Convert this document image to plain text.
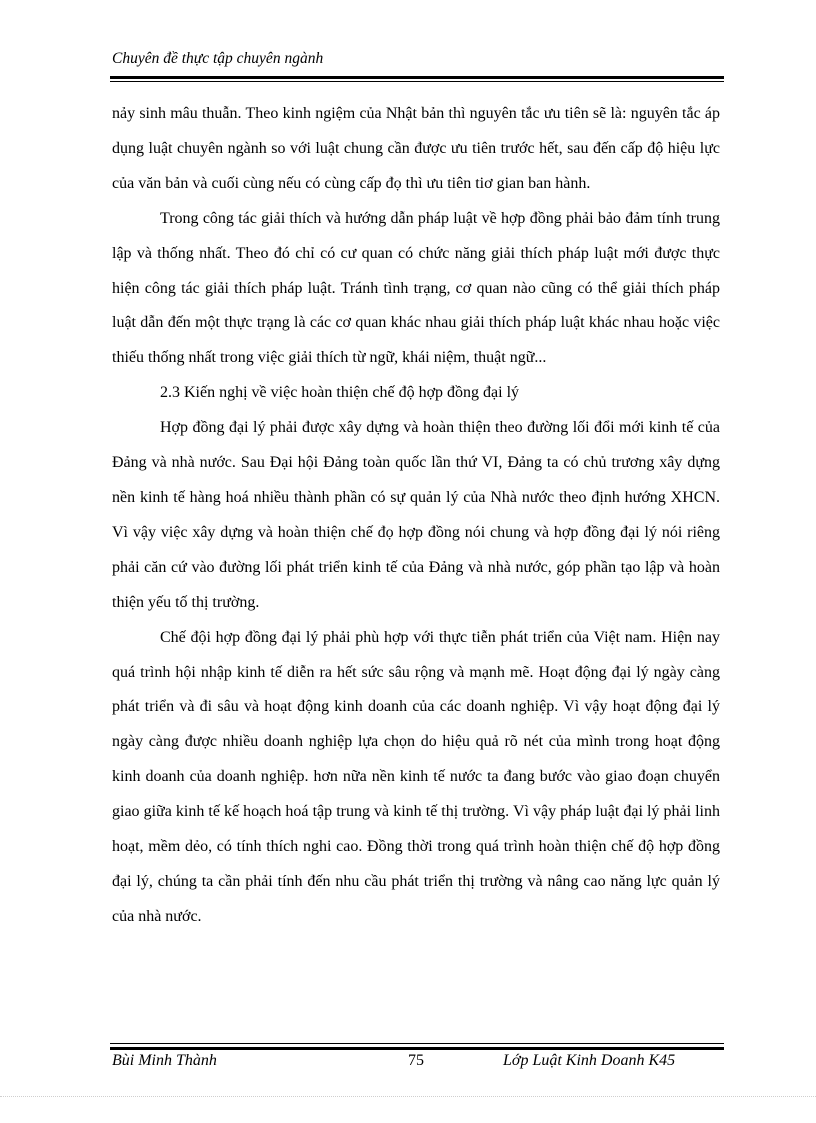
Chuyên đề thực tập chuyên ngành

nảy sinh mâu thuẫn. Theo kinh ngiệm của Nhật bản thì nguyên tắc ưu tiên sẽ là: nguyên tắc áp dụng luật chuyên ngành so với luật chung cần được ưu tiên trước hết, sau đến cấp độ hiệu lực của văn bản và cuối cùng nếu có cùng cấp đọ thì ưu tiên tiơ gian ban hành.

Trong công tác giải thích và hướng dẫn pháp luật về hợp đồng phải bảo đảm tính trung lập và thống nhất. Theo đó chỉ có cư quan có chức năng giải thích pháp luật mới được thực hiện công tác giải thích pháp luật. Tránh tình trạng, cơ quan nào cũng có thể giải thích pháp luật dẫn đến một thực trạng là các cơ quan khác nhau giải thích pháp luật khác nhau hoặc việc thiếu thống nhất trong việc giải thích từ ngữ, khái niệm, thuật ngữ...

2.3 Kiến nghị về việc hoàn thiện chế độ hợp đồng đại lý

Hợp đồng đại lý phải được xây dựng và hoàn thiện theo đường lối đổi mới kinh tế của Đảng và nhà nước. Sau Đại hội Đảng toàn quốc lần thứ VI, Đảng ta có chủ trương xây dựng nền kinh tế hàng hoá nhiều thành phần có sự quản lý của Nhà nước theo định hướng XHCN. Vì vậy việc xây dựng và hoàn thiện chế đọ hợp đồng nói chung và hợp đồng đại lý nói riêng phải căn cứ vào đường lối phát triển kinh tế của Đảng và nhà nước, góp phần tạo lập và hoàn thiện yếu tố thị trường.

Chế đội hợp đồng đại lý phải phù hợp với thực tiễn phát triển của Việt nam. Hiện nay quá trình hội nhập kinh tế diễn ra hết sức sâu rộng và mạnh mẽ. Hoạt động đại lý ngày càng phát triển và đi sâu và hoạt động kinh doanh của các doanh nghiệp. Vì vậy hoạt động đại lý ngày càng được nhiều doanh nghiệp lựa chọn do hiệu quả rõ nét của mình trong hoạt động kinh doanh của doanh nghiệp. hơn nữa nền kinh tế nước ta đang bước vào giao đoạn chuyển giao giữa kinh tế kế hoạch hoá tập trung và kinh tế thị trường. Vì vậy pháp luật đại lý phải linh hoạt, mềm dẻo, có tính thích nghi cao. Đồng thời trong quá trình hoàn thiện chế độ hợp đồng đại lý, chúng ta cần phải tính đến nhu cầu phát triển thị trường và nâng cao năng lực quản lý của nhà nước.

Bùi Minh Thành	75	Lớp Luật Kinh Doanh K45
